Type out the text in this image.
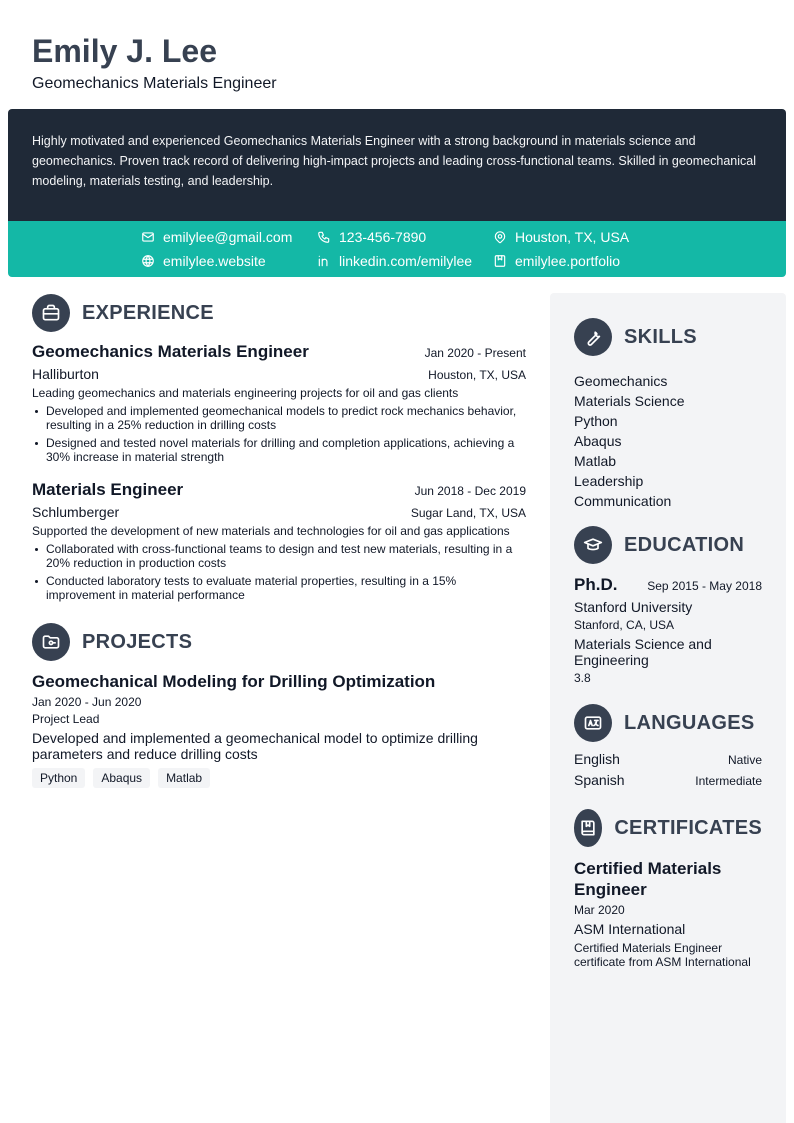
Emily J. Lee
Geomechanics Materials Engineer
Highly motivated and experienced Geomechanics Materials Engineer with a strong background in materials science and geomechanics. Proven track record of delivering high-impact projects and leading cross-functional teams. Skilled in geomechanical modeling, materials testing, and leadership.
emilylee@gmail.com	123-456-7890	Houston, TX, USA
emilylee.website	linkedin.com/emilylee	emilylee.portfolio
EXPERIENCE
Geomechanics Materials Engineer	Jan 2020 - Present
Halliburton	Houston, TX, USA
Leading geomechanics and materials engineering projects for oil and gas clients
Developed and implemented geomechanical models to predict rock mechanics behavior, resulting in a 25% reduction in drilling costs
Designed and tested novel materials for drilling and completion applications, achieving a 30% increase in material strength
Materials Engineer	Jun 2018 - Dec 2019
Schlumberger	Sugar Land, TX, USA
Supported the development of new materials and technologies for oil and gas applications
Collaborated with cross-functional teams to design and test new materials, resulting in a 20% reduction in production costs
Conducted laboratory tests to evaluate material properties, resulting in a 15% improvement in material performance
PROJECTS
Geomechanical Modeling for Drilling Optimization
Jan 2020 - Jun 2020
Project Lead
Developed and implemented a geomechanical model to optimize drilling parameters and reduce drilling costs
Python	Abaqus	Matlab
SKILLS
Geomechanics
Materials Science
Python
Abaqus
Matlab
Leadership
Communication
EDUCATION
Ph.D. Sep 2015 - May 2018
Stanford University
Stanford, CA, USA
Materials Science and Engineering
3.8
LANGUAGES
English	Native
Spanish	Intermediate
CERTIFICATES
Certified Materials Engineer
Mar 2020
ASM International
Certified Materials Engineer certificate from ASM International
